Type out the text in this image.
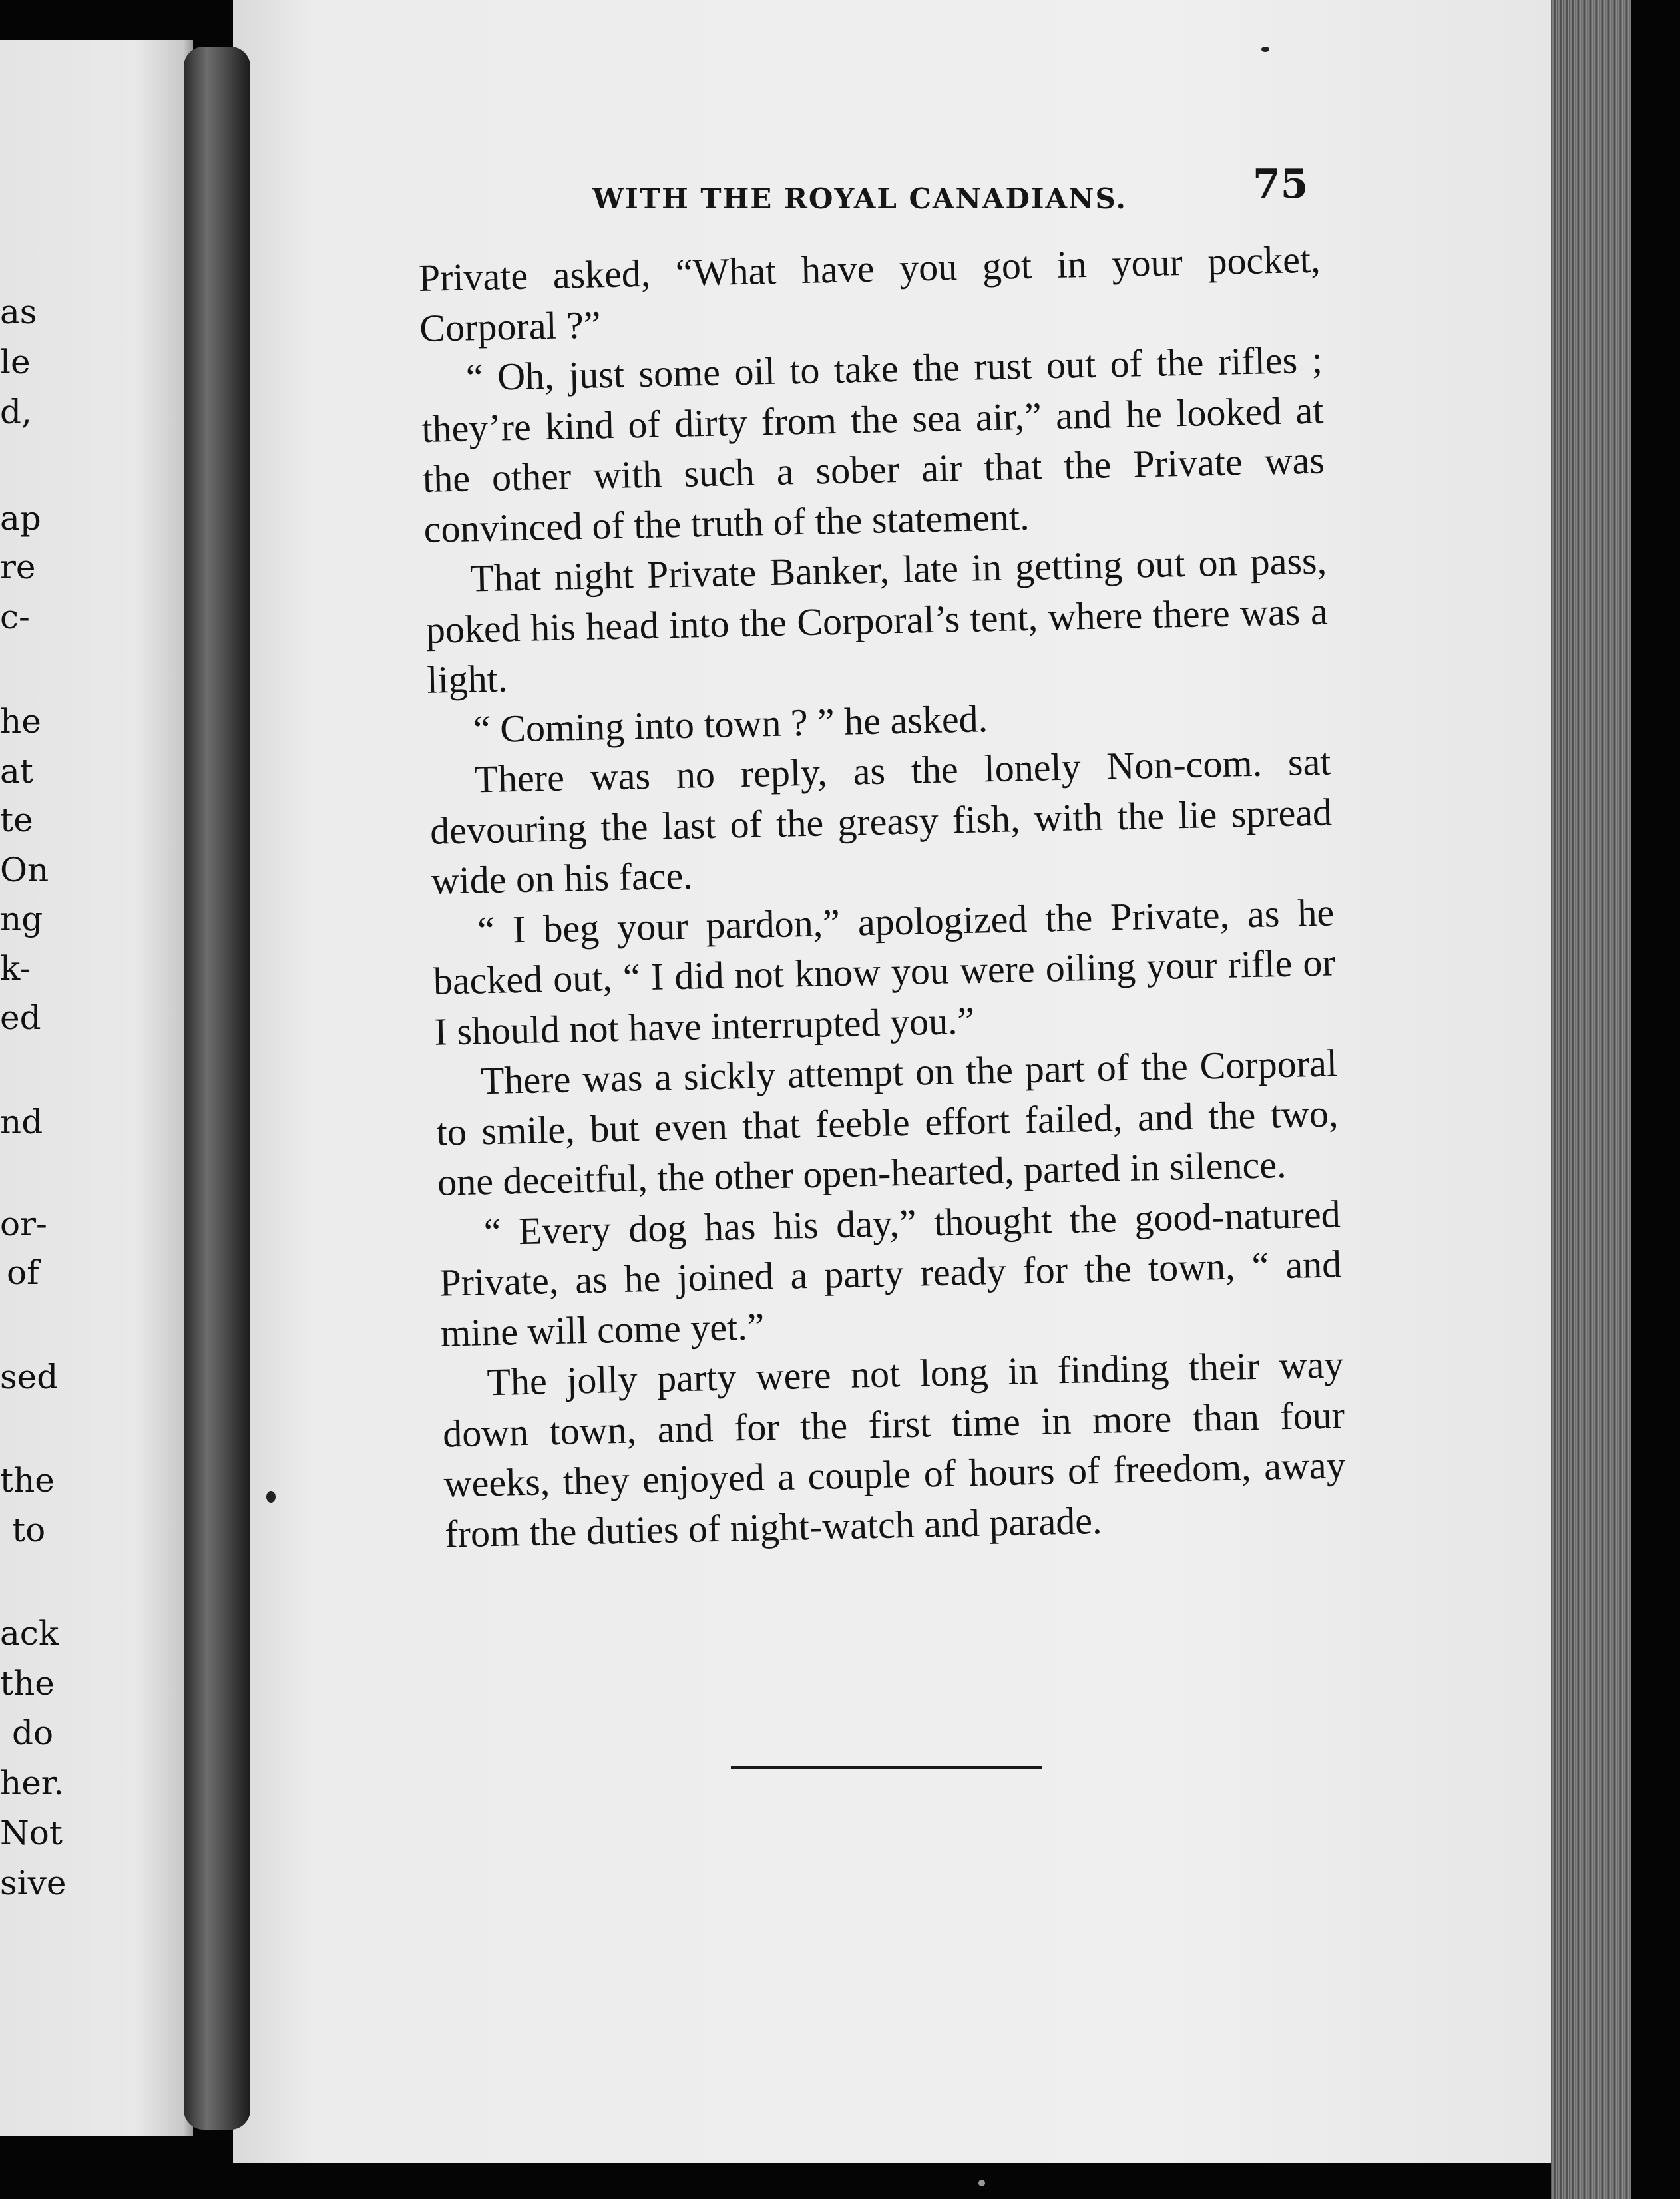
as
le
d,
ap
re
c-
he
at
te
On
ng
k-
ed
nd
or-
of
sed
the
to
ack
the
do
her.
Not
sive
WITH THE ROYAL CANADIANS.	75

Private asked, “What have you got in your pocket, Corporal ?”

“ Oh, just some oil to take the rust out of the rifles ; they’re kind of dirty from the sea air,” and he looked at the other with such a sober air that the Private was convinced of the truth of the statement.

That night Private Banker, late in getting out on pass, poked his head into the Corporal’s tent, where there was a light.

“ Coming into town ? ” he asked.

There was no reply, as the lonely Non-com. sat devouring the last of the greasy fish, with the lie spread wide on his face.

“ I beg your pardon,” apologized the Private, as he backed out, “ I did not know you were oiling your rifle or I should not have interrupted you.”

There was a sickly attempt on the part of the Corporal to smile, but even that feeble effort failed, and the two, one deceitful, the other open-hearted, parted in silence.

“ Every dog has his day,” thought the good-natured Private, as he joined a party ready for the town, “ and mine will come yet.”

The jolly party were not long in finding their way down town, and for the first time in more than four weeks, they enjoyed a couple of hours of freedom, away from the duties of night-watch and parade.
